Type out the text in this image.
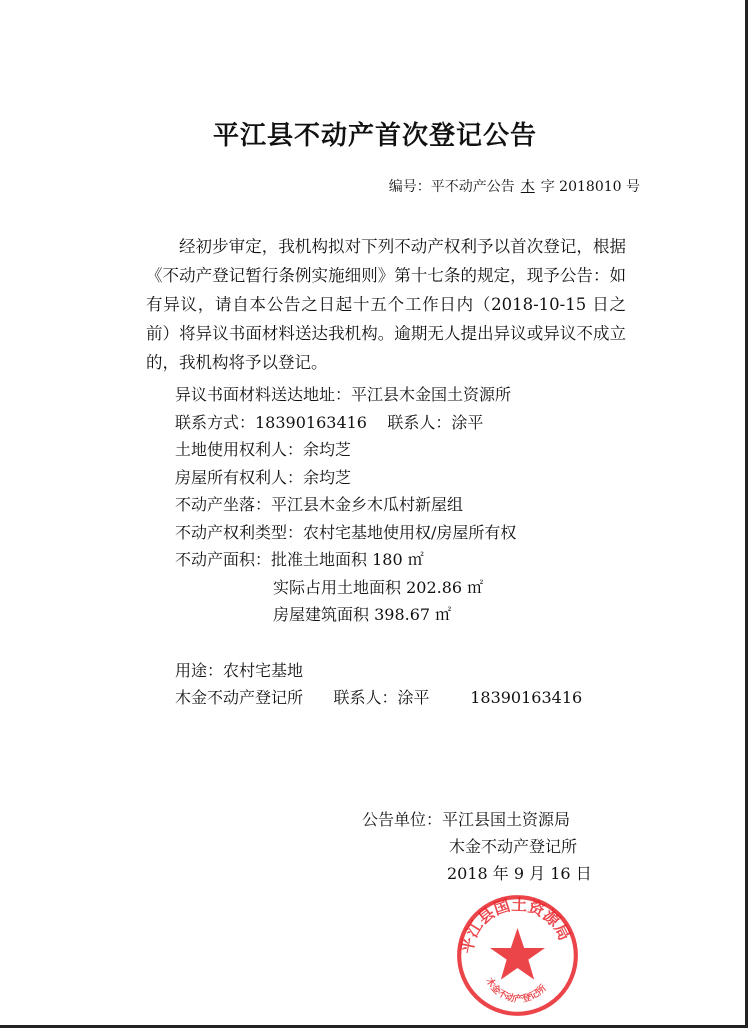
平江县不动产首次登记公告
编号：平不动产公告 木 字 2018010 号

经初步审定，我机构拟对下列不动产权利予以首次登记，根据《不动产登记暂行条例实施细则》第十七条的规定，现予公告：如有异议，请自本公告之日起十五个工作日内（2018-10-15 日之前）将异议书面材料送达我机构。逾期无人提出异议或异议不成立的，我机构将予以登记。

异议书面材料送达地址：平江县木金国土资源所
联系方式：18390163416    联系人：涂平
土地使用权利人：余均芝
房屋所有权利人：余均芝
不动产坐落：平江县木金乡木瓜村新屋组
不动产权利类型：农村宅基地使用权/房屋所有权
不动产面积：批准土地面积 180 ㎡
实际占用土地面积 202.86 ㎡
房屋建筑面积 398.67 ㎡
用途：农村宅基地
木金不动产登记所      联系人：涂平        18390163416
公告单位：平江县国土资源局
木金不动产登记所
2018 年 9 月 16 日
平江县国土资源局
木金不动产登记所
